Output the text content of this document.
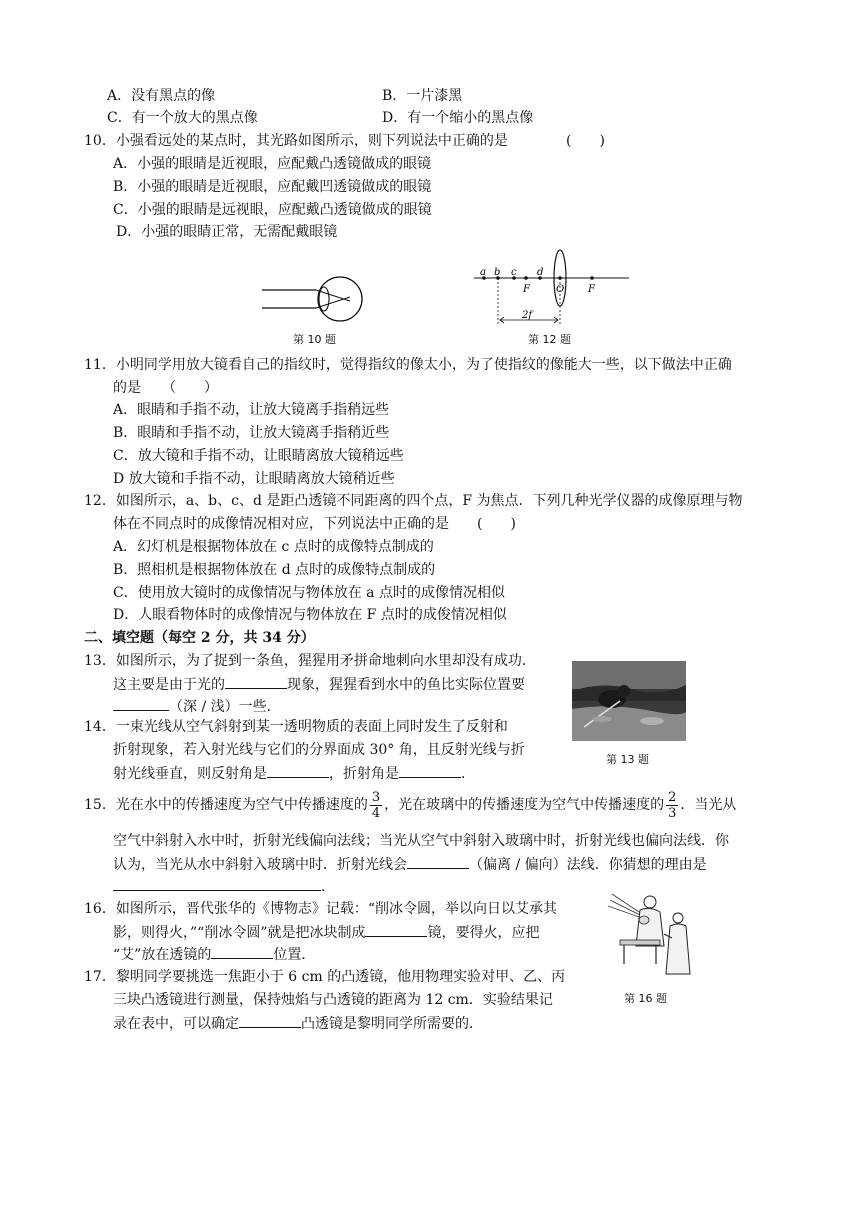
A．没有黑点的像	B．一片漆黑
C．有一个放大的黑点像	D．有一个缩小的黑点像
10．小强看远处的某点时，其光路如图所示，则下列说法中正确的是	(　　)
A．小强的眼睛是近视眼，应配戴凸透镜做成的眼镜
B．小强的眼睛是近视眼，应配戴凹透镜做成的眼镜
C．小强的眼睛是远视眼，应配戴凸透镜做成的眼镜
D．小强的眼睛正常，无需配戴眼镜
第 10 题
a b c d
F	O F
2f
第 12 题
11．小明同学用放大镜看自己的指纹时，觉得指纹的像太小，为了使指纹的像能大一些，以下做法中正确
的是　　（　　）
A．眼睛和手指不动，让放大镜离手指稍远些
B．眼睛和手指不动，让放大镜离手指稍近些
C．放大镜和手指不动，让眼睛离放大镜稍远些
D 放大镜和手指不动，让眼睛离放大镜稍近些
12．如图所示，a、b、c、d 是距凸透镜不同距离的四个点，F 为焦点．下列几种光学仪器的成像原理与物
体在不同点时的成像情况相对应，下列说法中正确的是　　(　　)
A．幻灯机是根据物体放在 c 点时的成像特点制成的
B．照相机是根据物体放在 d 点时的成像特点制成的
C．使用放大镜时的成像情况与物体放在 a 点时的成像情况相似
D．人眼看物体时的成像情况与物体放在 F 点时的成俊情况相似
二、填空题（每空 2 分，共 34 分）
13．如图所示，为了捉到一条鱼，猩猩用矛拼命地刺向水里却没有成功．
这主要是由于光的	现象，猩猩看到水中的鱼比实际位置要
（深 / 浅）一些．
第 13 题
14．一束光线从空气斜射到某一透明物质的表面上同时发生了反射和
折射现象，若入射光线与它们的分界面成 30° 角，且反射光线与折
射光线垂直，则反射角是	，折射角是	．
15．光在水中的传播速度为空气中传播速度的 $\frac{3}{4}$ ，光在玻璃中的传播速度为空气中传播速度的 $\frac{2}{3}$ ．当光从
空气中斜射入水中时，折射光线偏向法线；当光从空气中斜射入玻璃中时，折射光线也偏向法线．你
认为，当光从水中斜射入玻璃中时．折射光线会	（偏离 / 偏向）法线．你猜想的理由是
．
16．如图所示，晋代张华的《博物志》记载：“削冰令圆，举以向日以艾承其
影，则得火，”“削冰令圆”就是把冰块制成	镜，要得火，应把
“艾”放在透镜的	位置．
第 16 题
17．黎明同学要挑选一焦距小于 6 cm 的凸透镜，他用物理实验对甲、乙、丙
三块凸透镜进行测量，保持烛焰与凸透镜的距离为 12 cm．实验结果记
录在表中，可以确定	凸透镜是黎明同学所需要的．
